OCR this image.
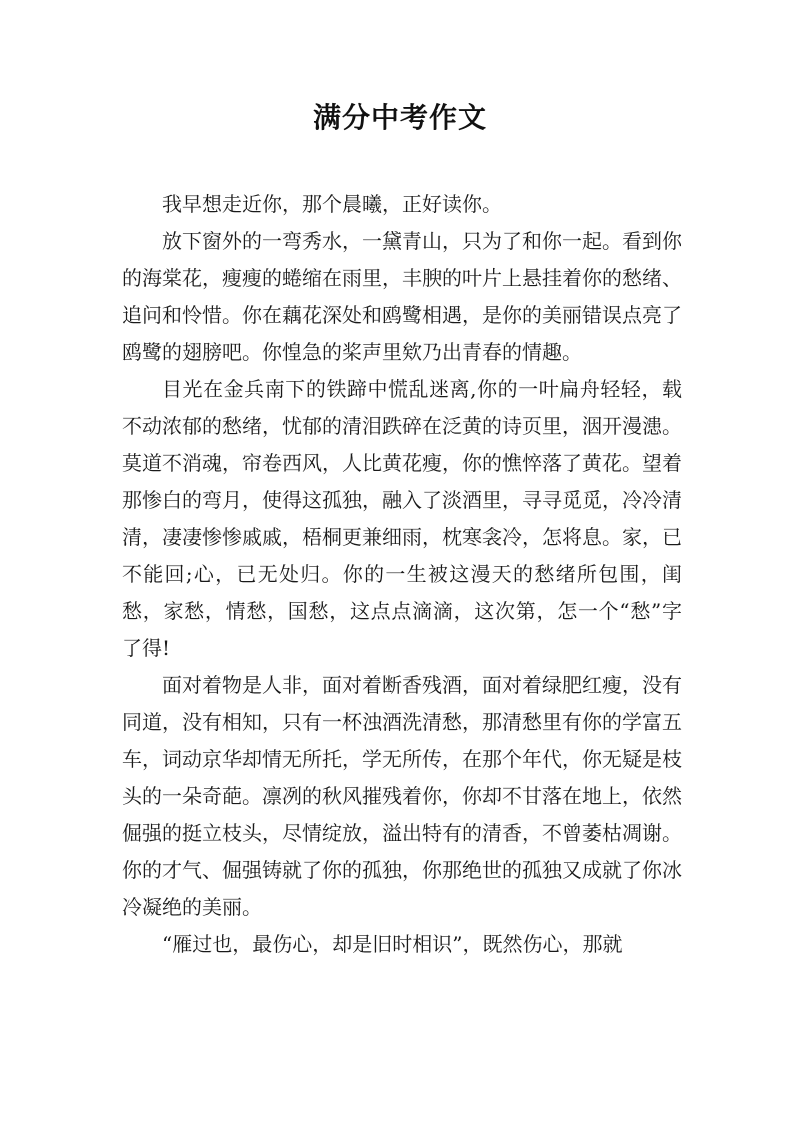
满分中考作文

我早想走近你，那个晨曦，正好读你。

放下窗外的一弯秀水，一黛青山，只为了和你一起。看到你的海棠花，瘦瘦的蜷缩在雨里，丰腴的叶片上悬挂着你的愁绪、追问和怜惜。你在藕花深处和鸥鹭相遇，是你的美丽错误点亮了鸥鹭的翅膀吧。你惶急的桨声里欸乃出青春的情趣。

目光在金兵南下的铁蹄中慌乱迷离,你的一叶扁舟轻轻，载不动浓郁的愁绪，忧郁的清泪跌碎在泛黄的诗页里，洇开漫漶。莫道不消魂，帘卷西风，人比黄花瘦，你的憔悴落了黄花。望着那惨白的弯月，使得这孤独，融入了淡酒里，寻寻觅觅，冷冷清清，凄凄惨惨戚戚，梧桐更兼细雨，枕寒衾冷，怎将息。家，已不能回;心，已无处归。你的一生被这漫天的愁绪所包围，闺愁，家愁，情愁，国愁，这点点滴滴，这次第，怎一个“愁”字了得!

面对着物是人非，面对着断香残酒，面对着绿肥红瘦，没有同道，没有相知，只有一杯浊酒洗清愁，那清愁里有你的学富五车，词动京华却情无所托，学无所传，在那个年代，你无疑是枝头的一朵奇葩。凛冽的秋风摧残着你，你却不甘落在地上，依然倔强的挺立枝头，尽情绽放，溢出特有的清香，不曾萎枯凋谢。你的才气、倔强铸就了你的孤独，你那绝世的孤独又成就了你冰冷凝绝的美丽。

“雁过也，最伤心，却是旧时相识”，既然伤心，那就
